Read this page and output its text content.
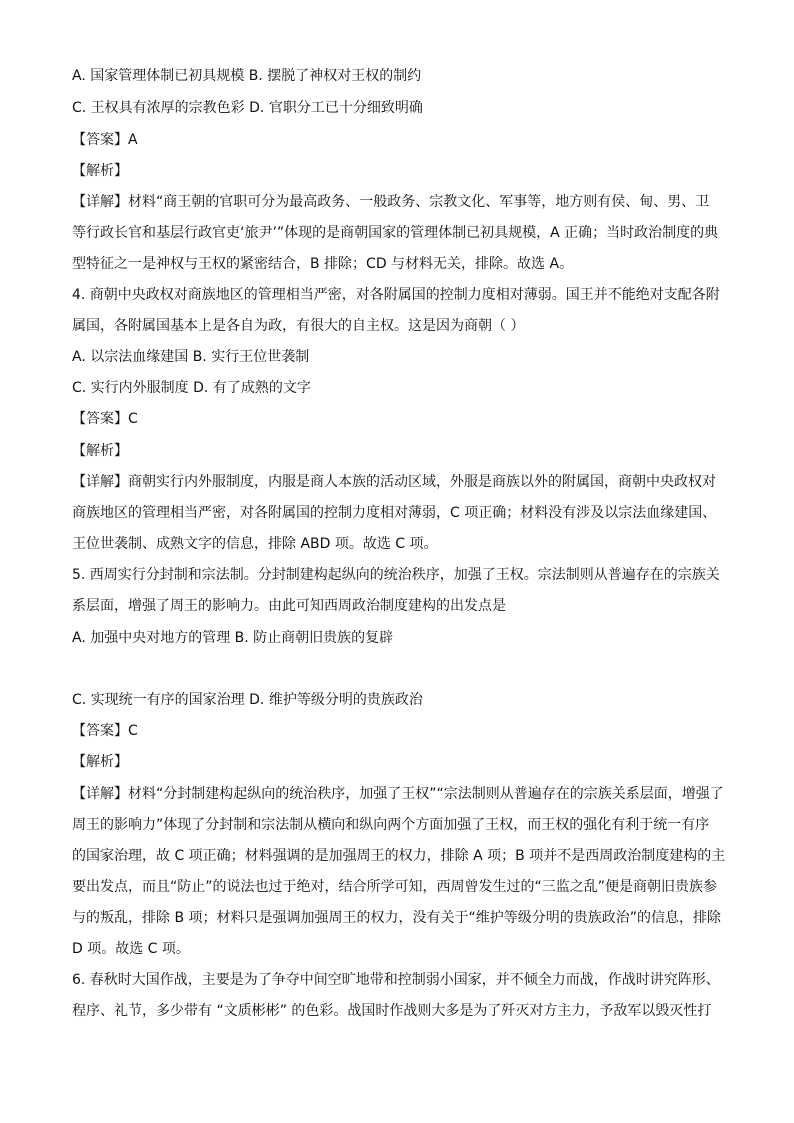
A. 国家管理体制已初具规模 B. 摆脱了神权对王权的制约
C. 王权具有浓厚的宗教色彩 D. 官职分工已十分细致明确
【答案】A
【解析】
【详解】材料“商王朝的官职可分为最高政务、一般政务、宗教文化、军事等，地方则有侯、甸、男、卫
等行政长官和基层行政官吏‘旅尹’”体现的是商朝国家的管理体制已初具规模，A 正确；当时政治制度的典
型特征之一是神权与王权的紧密结合，B 排除；CD 与材料无关，排除。故选 A。
4. 商朝中央政权对商族地区的管理相当严密，对各附属国的控制力度相对薄弱。国王并不能绝对支配各附
属国，各附属国基本上是各自为政，有很大的自主权。这是因为商朝（ ）
A. 以宗法血缘建国 B. 实行王位世袭制
C. 实行内外服制度 D. 有了成熟的文字
【答案】C
【解析】
【详解】商朝实行内外服制度，内服是商人本族的活动区域，外服是商族以外的附属国，商朝中央政权对
商族地区的管理相当严密，对各附属国的控制力度相对薄弱，C 项正确；材料没有涉及以宗法血缘建国、
王位世袭制、成熟文字的信息，排除 ABD 项。故选 C 项。
5. 西周实行分封制和宗法制。分封制建构起纵向的统治秩序，加强了王权。宗法制则从普遍存在的宗族关
系层面，增强了周王的影响力。由此可知西周政治制度建构的出发点是
A. 加强中央对地方的管理 B. 防止商朝旧贵族的复辟
C. 实现统一有序的国家治理 D. 维护等级分明的贵族政治
【答案】C
【解析】
【详解】材料“分封制建构起纵向的统治秩序，加强了王权”“宗法制则从普遍存在的宗族关系层面，增强了
周王的影响力”体现了分封制和宗法制从横向和纵向两个方面加强了王权，而王权的强化有利于统一有序
的国家治理，故 C 项正确；材料强调的是加强周王的权力，排除 A 项；B 项并不是西周政治制度建构的主
要出发点，而且“防止”的说法也过于绝对，结合所学可知，西周曾发生过的“三监之乱”便是商朝旧贵族参
与的叛乱，排除 B 项；材料只是强调加强周王的权力，没有关于“维护等级分明的贵族政治”的信息，排除
D 项。故选 C 项。
6. 春秋时大国作战，主要是为了争夺中间空旷地带和控制弱小国家，并不倾全力而战，作战时讲究阵形、
程序、礼节，多少带有 “文质彬彬” 的色彩。战国时作战则大多是为了歼灭对方主力，予敌军以毁灭性打
